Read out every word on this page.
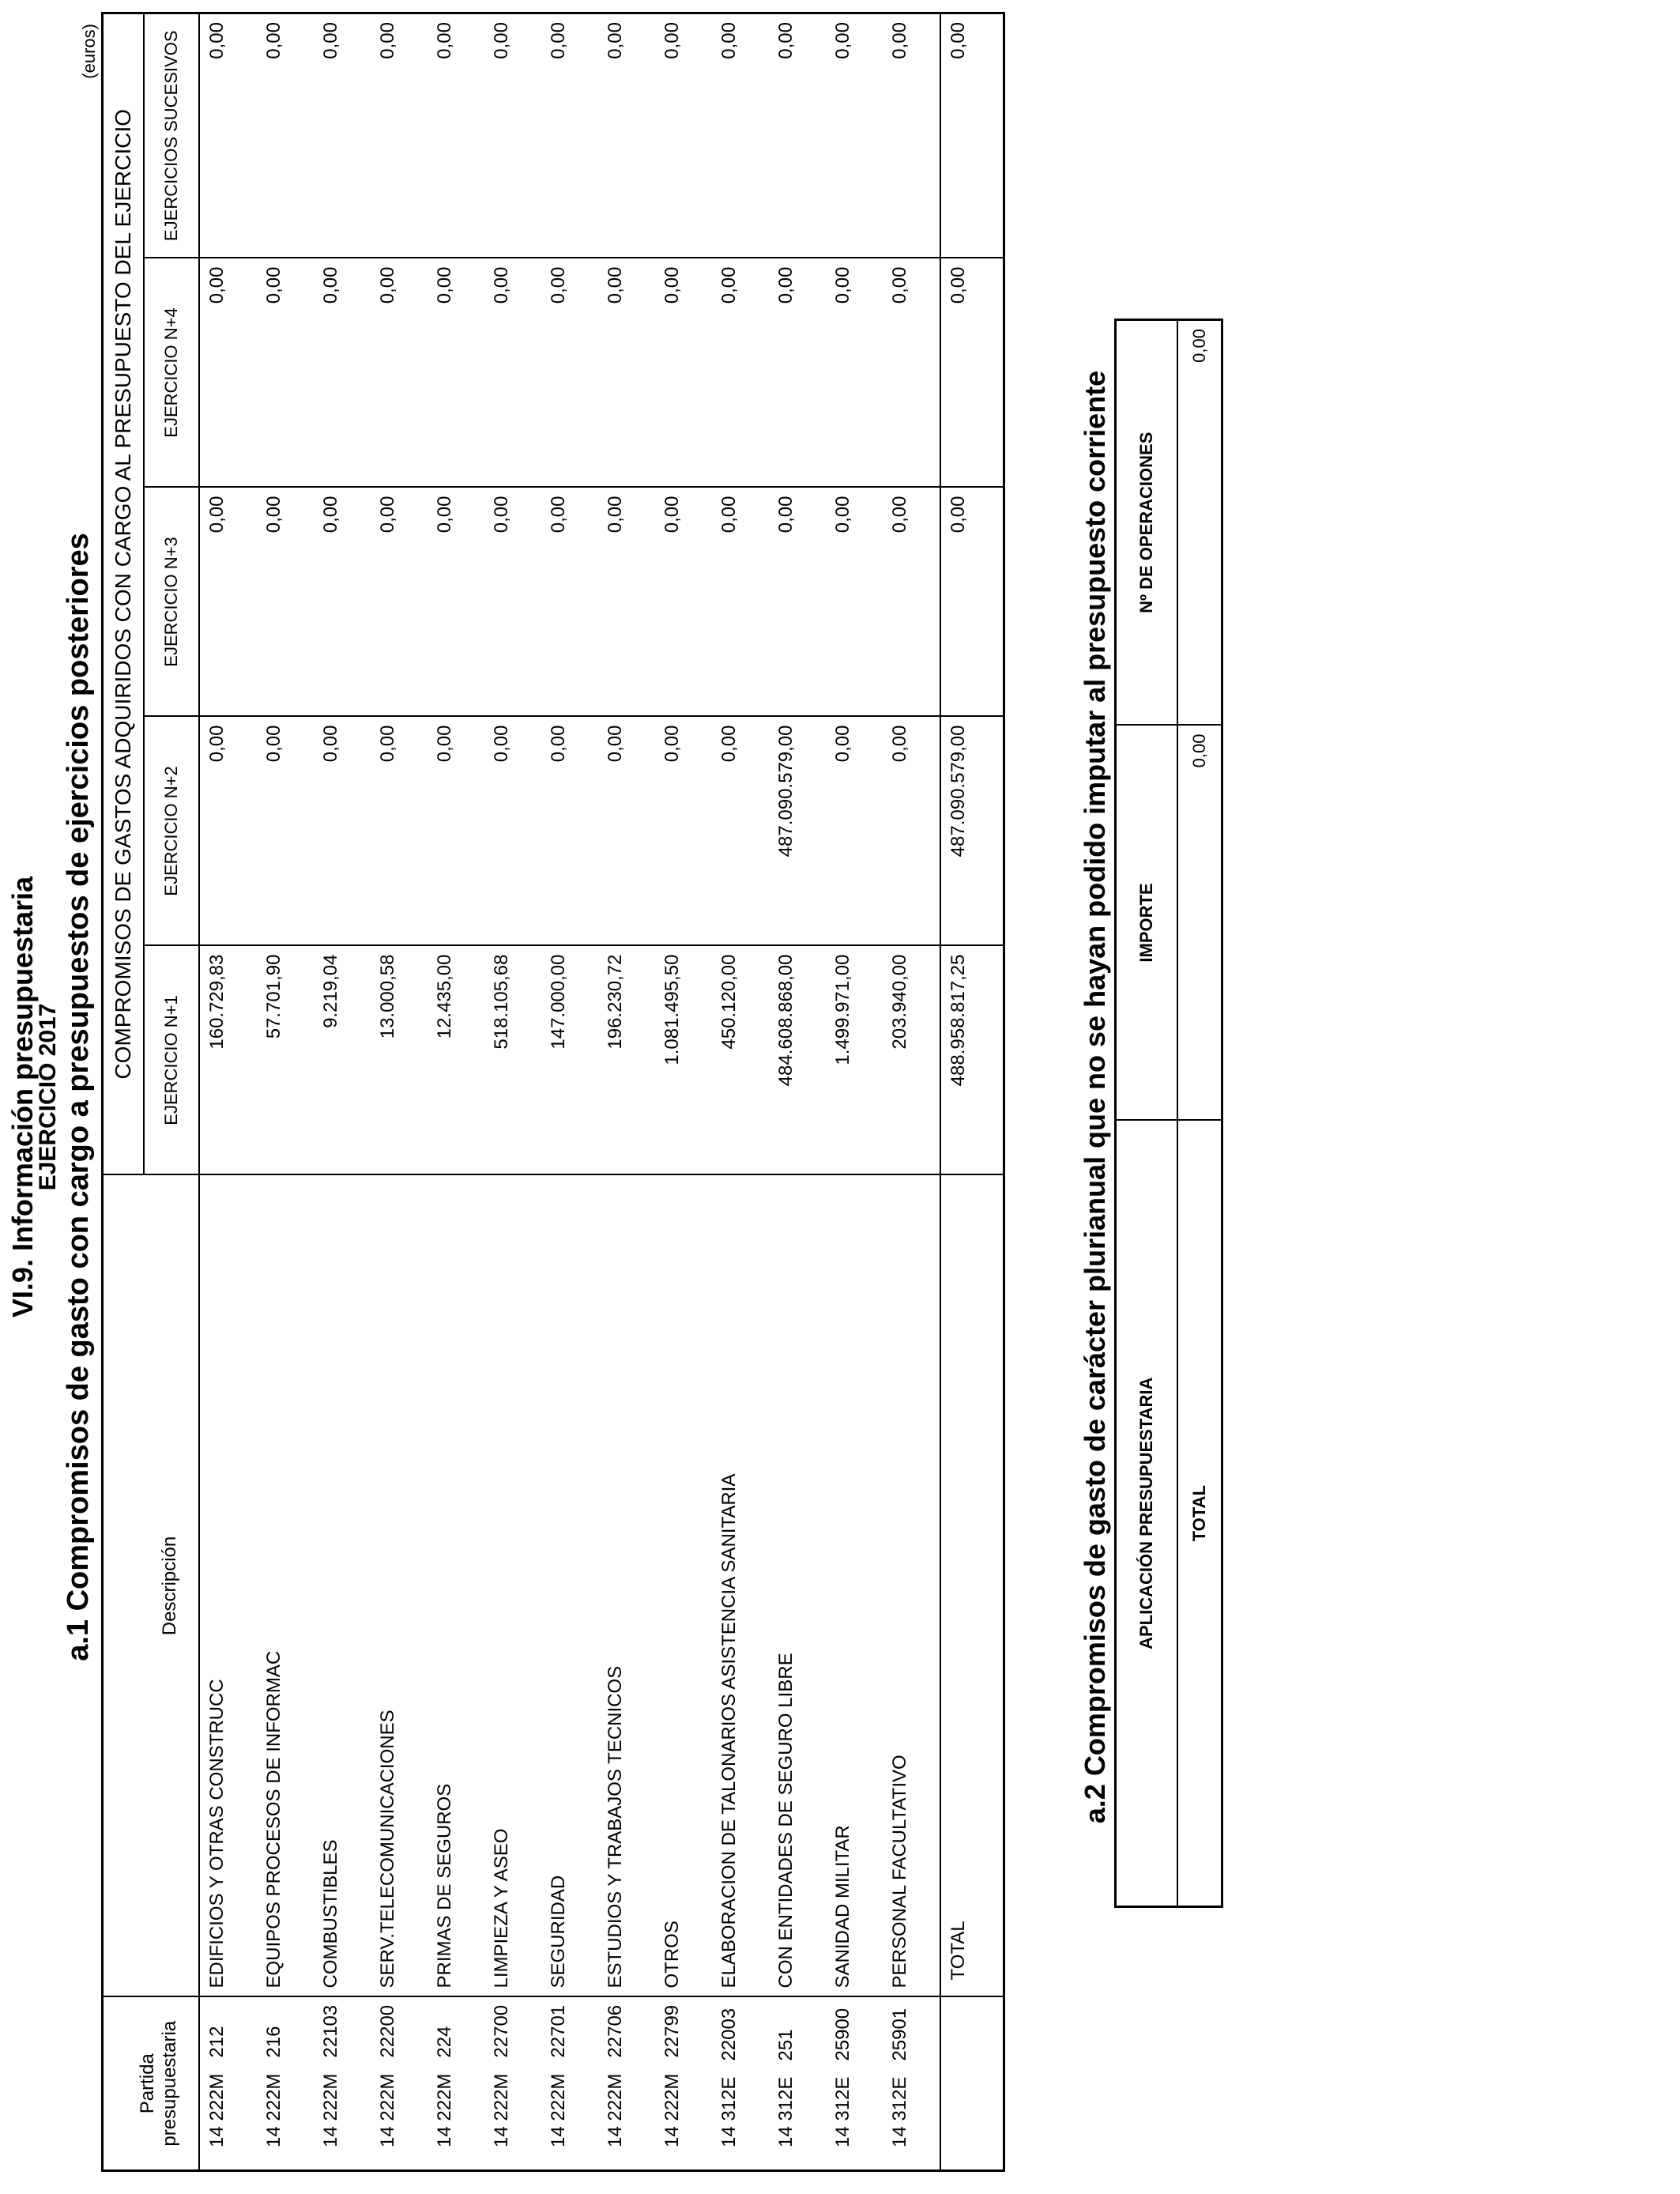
VI.9. Información presupuestaria
EJERCICIO 2017 a.1 Compromisos de gasto con cargo a presupuestos de ejercicios posteriores
(euros)
Partida presupuestaria	Descripción	COMPROMISOS DE GASTOS ADQUIRIDOS CON CARGO AL PRESUPUESTO DEL EJERCICIO				
		EJERCICIO N+1	EJERCICIO N+2	EJERCICIO N+3	EJERCICIO N+4	EJERCICIOS SUCESIVOS
14 222M   212	EDIFICIOS Y OTRAS CONSTRUCC	160.729,83	0,00	0,00	0,00	0,00
14 222M   216	EQUIPOS PROCESOS DE INFORMAC	57.701,90	0,00	0,00	0,00	0,00
14 222M   22103	COMBUSTIBLES	9.219,04	0,00	0,00	0,00	0,00
14 222M   22200	SERV.TELECOMUNICACIONES	13.000,58	0,00	0,00	0,00	0,00
14 222M   224	PRIMAS DE SEGUROS	12.435,00	0,00	0,00	0,00	0,00
14 222M   22700	LIMPIEZA Y ASEO	518.105,68	0,00	0,00	0,00	0,00
14 222M   22701	SEGURIDAD	147.000,00	0,00	0,00	0,00	0,00
14 222M   22706	ESTUDIOS Y TRABAJOS TECNICOS	196.230,72	0,00	0,00	0,00	0,00
14 222M   22799	OTROS	1.081.495,50	0,00	0,00	0,00	0,00
14 312E   22003	ELABORACION DE TALONARIOS ASISTENCIA SANITARIA	450.120,00	0,00	0,00	0,00	0,00
14 312E   251	CON ENTIDADES DE SEGURO LIBRE	484.608.868,00	487.090.579,00	0,00	0,00	0,00
14 312E   25900	SANIDAD MILITAR	1.499.971,00	0,00	0,00	0,00	0,00
14 312E   25901	PERSONAL FACULTATIVO	203.940,00	0,00	0,00	0,00	0,00
	TOTAL	488.958.817,25	487.090.579,00	0,00	0,00	0,00
a.2 Compromisos de gasto de carácter plurianual que no se hayan podido imputar al presupuesto corriente APLICACIÓN PRESUPUESTARIA	IMPORTE	Nº DE OPERACIONES
TOTAL	0,00	0,00
